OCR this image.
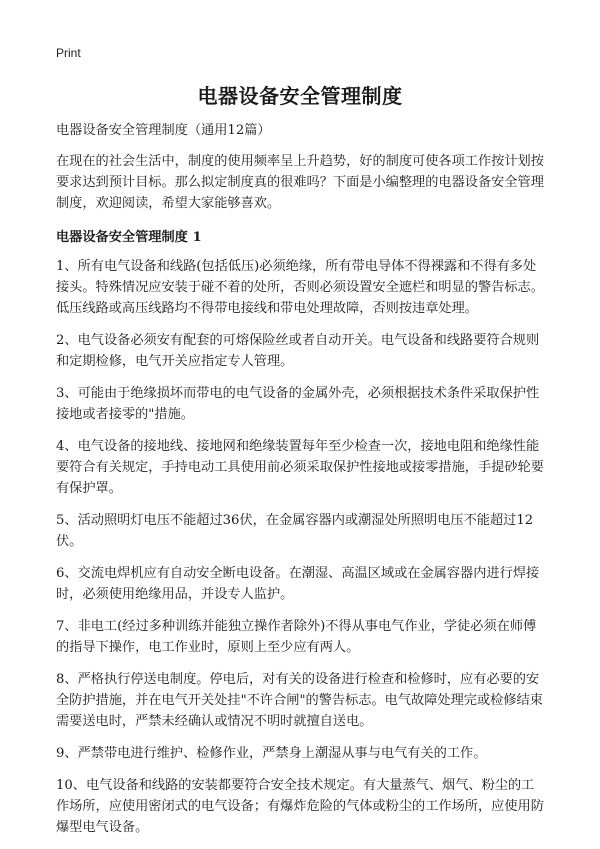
Print
电器设备安全管理制度

电器设备安全管理制度（通用12篇）

在现在的社会生活中，制度的使用频率呈上升趋势，好的制度可使各项工作按计划按要求达到预计目标。那么拟定制度真的很难吗？下面是小编整理的电器设备安全管理制度，欢迎阅读，希望大家能够喜欢。

电器设备安全管理制度 1

1、所有电气设备和线路(包括低压)必须绝缘，所有带电导体不得裸露和不得有多处接头。特殊情况应安装于碰不着的处所，否则必须设置安全遮栏和明显的警告标志。低压线路或高压线路均不得带电接线和带电处理故障，否则按违章处理。

2、电气设备必须安有配套的可熔保险丝或者自动开关。电气设备和线路要符合规则和定期检修，电气开关应指定专人管理。

3、可能由于绝缘损坏而带电的电气设备的金属外壳，必须根据技术条件采取保护性接地或者接零的"措施。

4、电气设备的接地线、接地网和绝缘装置每年至少检查一次，接地电阻和绝缘性能要符合有关规定，手持电动工具使用前必须采取保护性接地或接零措施，手提砂轮要有保护罩。

5、活动照明灯电压不能超过36伏，在金属容器内或潮湿处所照明电压不能超过12伏。

6、交流电焊机应有自动安全断电设备。在潮湿、高温区域或在金属容器内进行焊接时，必须使用绝缘用品，并设专人监护。

7、非电工(经过多种训练并能独立操作者除外)不得从事电气作业，学徒必须在师傅的指导下操作，电工作业时，原则上至少应有两人。

8、严格执行停送电制度。停电后，对有关的设备进行检查和检修时，应有必要的安全防护措施，并在电气开关处挂"不许合闸"的警告标志。电气故障处理完或检修结束需要送电时，严禁未经确认或情况不明时就擅自送电。

9、严禁带电进行维护、检修作业，严禁身上潮湿从事与电气有关的工作。

10、电气设备和线路的安装都要符合安全技术规定。有大量蒸气、烟气、粉尘的工作场所，应使用密闭式的电气设备；有爆炸危险的气体或粉尘的工作场所，应使用防爆型电气设备。
